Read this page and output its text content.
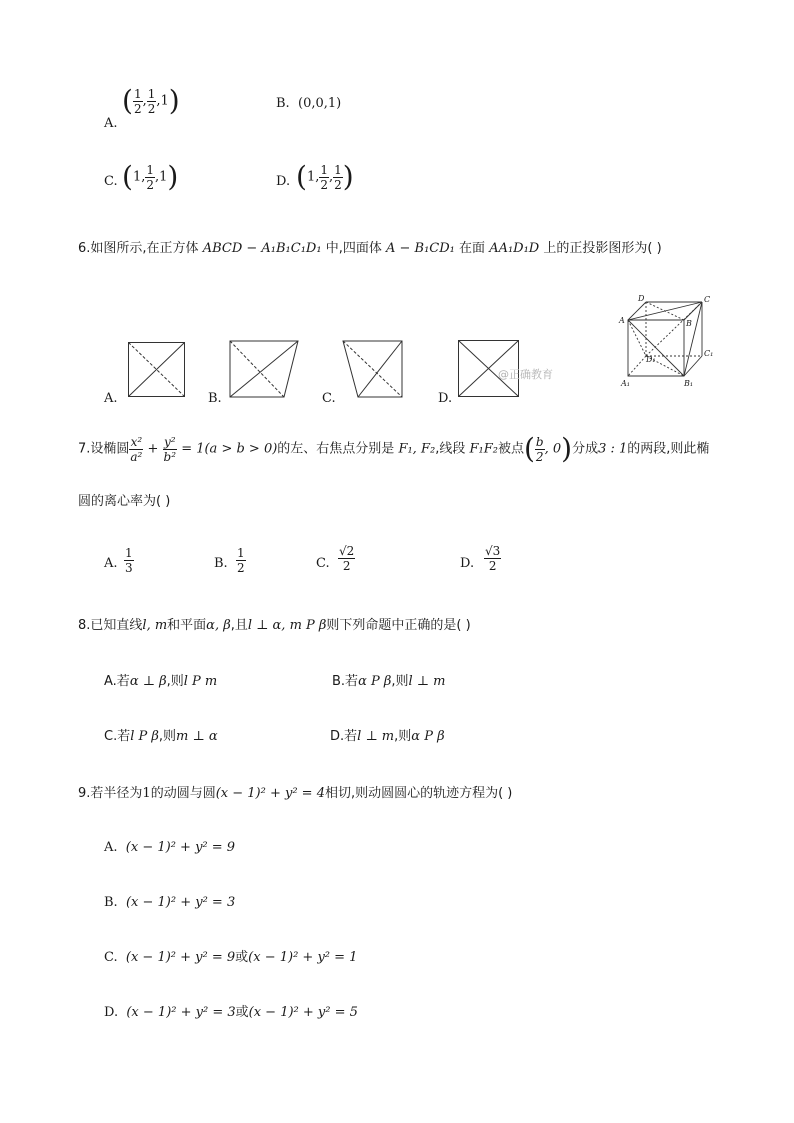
A.
( $\frac{1}{2}$ , $\frac{1}{2} ,1$)	B. (0,0,1)
C. (1, $\frac{1}{2} ,1$)	D. (1, $\frac{1}{2}$ , $\frac{1}{2}$ )
6.如图所示,在正方体 ABCD − A₁B₁C₁D₁ 中,四面体 A − B₁CD₁ 在面 AA₁D₁D 上的正投影图形为( )
A.	B.	C.	D.
@正确教育
D	C
A	B
D₁
C₁
A₁	B₁
7.设椭圆 $\frac{\text{x²}}{\text{a²}} + \frac{\text{y²}}{\text{b²}} = 1(a > b > 0)$的左、右焦点分别是 F₁, F₂,线段 F₁F₂被点( $\frac{b}{2}$ , 0)分成3 : 1的两段,则此椭
圆的离心率为( )
A. $\frac{1}{3}$	B. $\frac{1}{2}$	C. $\frac{√2}{2}$	D. $\frac{√3}{2}$
8.已知直线l, m和平面α, β,且l ⊥ α, m P β则下列命题中正确的是( )
A.若α ⊥ β,则l P m	B.若α P β,则l ⊥ m
C.若l P β,则m ⊥ α	D.若l ⊥ m,则α P β
9.若半径为1的动圆与圆(x − 1)² + y² = 4相切,则动圆圆心的轨迹方程为( )
A. (x − 1)² + y² = 9
B. (x − 1)² + y² = 3
C. (x − 1)² + y² = 9或(x − 1)² + y² = 1
D. (x − 1)² + y² = 3或(x − 1)² + y² = 5
